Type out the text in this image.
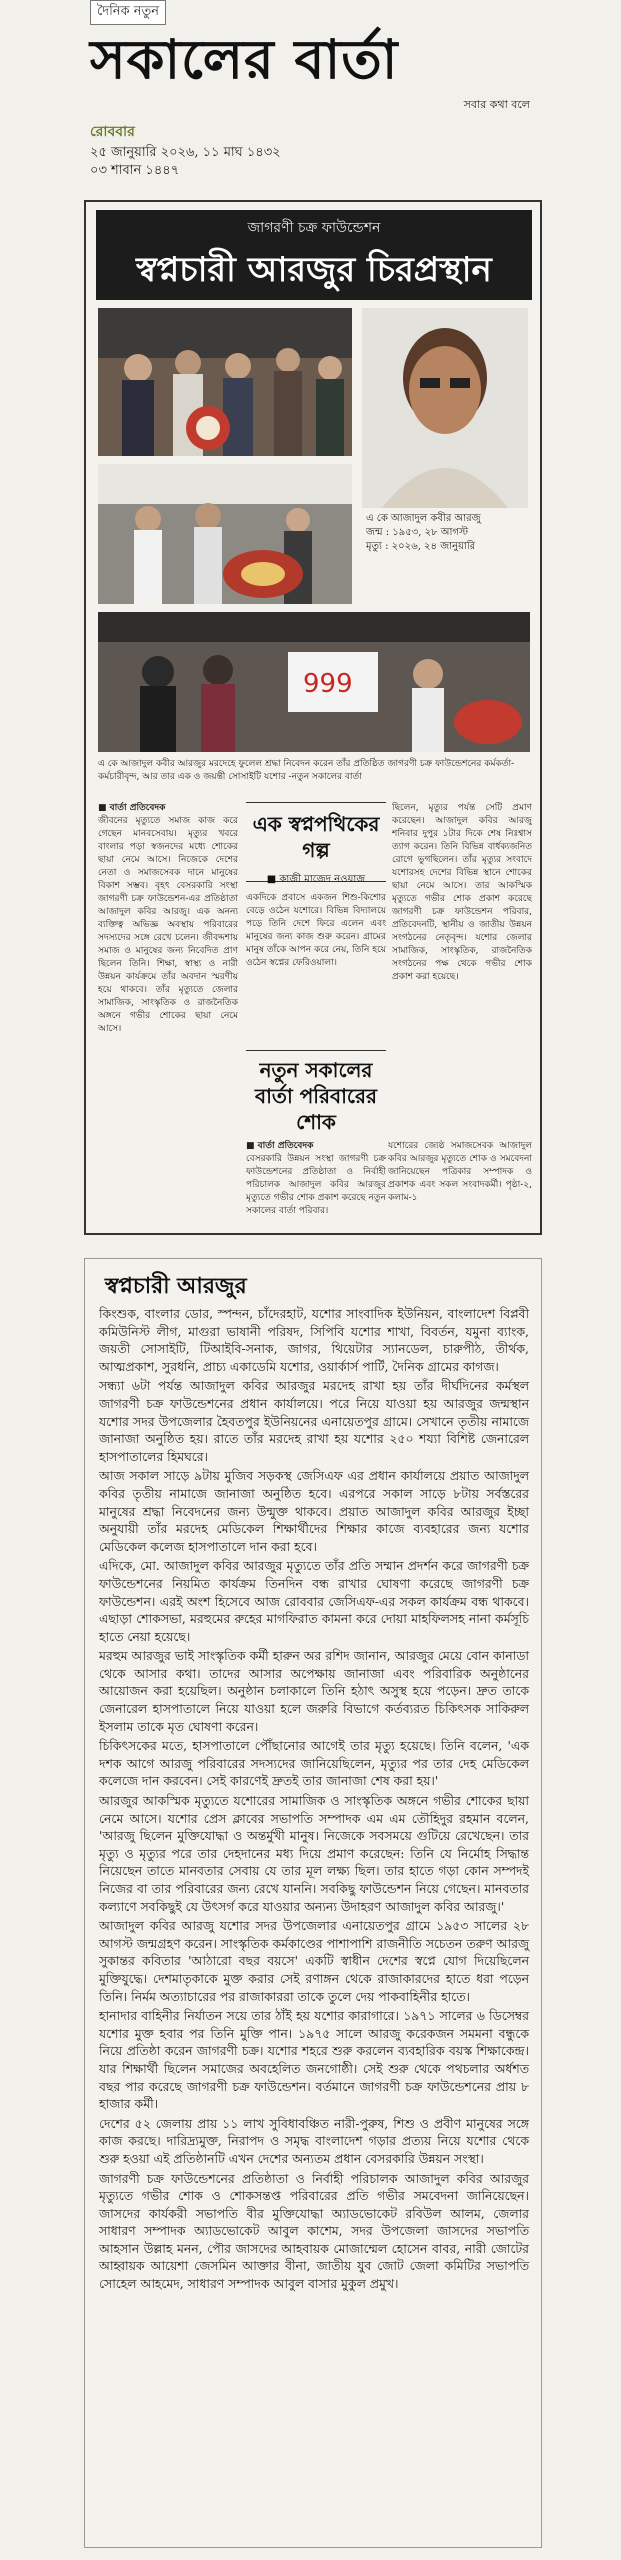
দৈনিক নতুন
সকালের বার্তা
সবার কথা বলে
রোববার
২৫ জানুয়ারি ২০২৬, ১১ মাঘ ১৪৩২
০৩ শাবান ১৪৪৭
জাগরণী চক্র ফাউন্ডেশন
স্বপ্নচারী আরজুর চিরপ্রস্থান
এ কে আজাদুল কবীর আরজু
জন্ম : ১৯৫৩, ২৮ আগস্ট
মৃত্যু : ২০২৬, ২৪ জানুয়ারি
999
এ কে আজাদুল কবীর আরজুর মরদেহে ফুলেল শ্রদ্ধা নিবেদন করেন তাঁর প্রতিষ্ঠিত জাগরণী চক্র ফাউন্ডেশনের কর্মকর্তা-কর্মচারীবৃন্দ, আর তার এক ও জয়ন্তী সোসাইটি যশোর -নতুন সকালের বার্তা
■ বার্তা প্রতিবেদক
জীবনের মৃত্যুতে সমাজ কাজ করে গেছেন মানবসেবায়। মৃত্যুর খবরে বাংলার পড়া স্বজনদের মধ্যে শোকের ছায়া নেমে আসে। নিজেকে দেশের নেতা ও সমাজসেবক দানে মানুষের বিকাশ সম্ভব। বৃহৎ বেসরকারি সংস্থা জাগরণী চক্র ফাউন্ডেশন-এর প্রতিষ্ঠাতা আজাদুল কবির আরজু। এক অনন্য ব্যক্তিত্ব অভিজ্ঞ অবস্থায় পরিবারের সদস্যদের সঙ্গে রেখে চলেন। জীবদ্দশায় সমাজ ও মানুষের জন্য নিবেদিত প্রাণ ছিলেন তিনি। শিক্ষা, স্বাস্থ্য ও নারী উন্নয়ন কার্যক্রমে তাঁর অবদান স্মরণীয় হয়ে থাকবে। তাঁর মৃত্যুতে জেলার সামাজিক, সাংস্কৃতিক ও রাজনৈতিক অঙ্গনে গভীর শোকের ছায়া নেমে আসে।
এক স্বপ্নপথিকের গল্প
■ কাজী মাজেদ নওয়াজ
একদিকে প্রবাসে একজন শিশু-কিশোর বেড়ে ওঠেন যশোরে। বিভিন্ন বিদ্যালয়ে পড়ে তিনি দেশে ফিরে এলেন এবং মানুষের জন্য কাজ শুরু করেন। গ্রামের মানুষ তাঁকে আপন করে নেয়, তিনি হয়ে ওঠেন স্বপ্নের ফেরিওয়ালা।
নতুন সকালের বার্তা পরিবারের শোক
ছিলেন, মৃত্যুর পর্যন্ত সেটি প্রমাণ করেছেন। আজাদুল কবির আরজু শনিবার দুপুর ১টার দিকে শেষ নিঃশ্বাস ত্যাগ করেন। তিনি বিভিন্ন বার্ধক্যজনিত রোগে ভুগছিলেন। তাঁর মৃত্যুর সংবাদে যশোরসহ দেশের বিভিন্ন স্থানে শোকের ছায়া নেমে আসে। তার আকস্মিক মৃত্যুতে গভীর শোক প্রকাশ করেছে জাগরণী চক্র ফাউন্ডেশন পরিবার, প্রতিবেদনটি, স্থানীয় ও জাতীয় উন্নয়ন সংগঠনের নেতৃবৃন্দ। যশোর জেলার সামাজিক, সাংস্কৃতিক, রাজনৈতিক সংগঠনের পক্ষ থেকে গভীর শোক প্রকাশ করা হয়েছে।
■ বার্তা প্রতিবেদক
বেসরকারি উন্নয়ন সংস্থা জাগরণী চক্র ফাউন্ডেশনের প্রতিষ্ঠাতা ও নির্বাহী পরিচালক আজাদুল কবির আরজুর মৃত্যুতে গভীর শোক প্রকাশ করেছে নতুন সকালের বার্তা পরিবার।
যশোরের জ্যেষ্ঠ সমাজসেবক আজাদুল কবির আরজুর মৃত্যুতে শোক ও সমবেদনা জানিয়েছেন পত্রিকার সম্পাদক ও প্রকাশক এবং সকল সংবাদকর্মী। পৃষ্ঠা-২, কলাম-১
স্বপ্নচারী আরজুর

কিংশুক, বাংলার ডোর, স্পন্দন, চাঁদেরহাট, যশোর সাংবাদিক ইউনিয়ন, বাংলাদেশ বিপ্লবী কমিউনিস্ট লীগ, মাগুরা ভাষানী পরিষদ, সিপিবি যশোর শাখা, বিবর্তন, যমুনা ব্যাংক, জয়তী সোসাইটি, টিআইবি-সনাক, জাগর, থিয়েটার স্যানডেল, চারুপীঠ, তীর্থক, আত্মপ্রকাশ, সুরধনি, প্রাচ্য একাডেমি যশোর, ওয়ার্কার্স পার্টি, দৈনিক গ্রামের কাগজ।

সন্ধ্যা ৬টা পর্যন্ত আজাদুল কবির আরজুর মরদেহ রাখা হয় তাঁর দীর্ঘদিনের কর্মস্থল জাগরণী চক্র ফাউন্ডেশনের প্রধান কার্যালয়ে। পরে নিয়ে যাওয়া হয় আরজুর জন্মস্থান যশোর সদর উপজেলার হৈবতপুর ইউনিয়নের এনায়েতপুর গ্রামে। সেখানে তৃতীয় নামাজে জানাজা অনুষ্ঠিত হয়। রাতে তাঁর মরদেহ রাখা হয় যশোর ২৫০ শয্যা বিশিষ্ট জেনারেল হাসপাতালের হিমঘরে।

আজ সকাল সাড়ে ৯টায় মুজিব সড়কস্থ জেসিএফ এর প্রধান কার্যালয়ে প্রয়াত আজাদুল কবির তৃতীয় নামাজে জানাজা অনুষ্ঠিত হবে। এরপরে সকাল সাড়ে ৮টায় সর্বস্তরের মানুষের শ্রদ্ধা নিবেদনের জন্য উন্মুক্ত থাকবে। প্রয়াত আজাদুল কবির আরজুর ইচ্ছা অনুযায়ী তাঁর মরদেহ মেডিকেল শিক্ষার্থীদের শিক্ষার কাজে ব্যবহারের জন্য যশোর মেডিকেল কলেজ হাসপাতালে দান করা হবে।

এদিকে, মো. আজাদুল কবির আরজুর মৃত্যুতে তাঁর প্রতি সম্মান প্রদর্শন করে জাগরণী চক্র ফাউন্ডেশনের নিয়মিত কার্যক্রম তিনদিন বন্ধ রাখার ঘোষণা করেছে জাগরণী চক্র ফাউন্ডেশন। এরই অংশ হিসেবে আজ রোববার জেসিএফ-এর সকল কার্যক্রম বন্ধ থাকবে। এছাড়া শোকসভা, মরহুমের রুহের মাগফিরাত কামনা করে দোয়া মাহফিলসহ নানা কর্মসূচি হাতে নেয়া হয়েছে।

মরহুম আরজুর ভাই সাংস্কৃতিক কর্মী হারুন অর রশিদ জানান, আরজুর মেয়ে বোন কানাডা থেকে আসার কথা। তাদের আসার অপেক্ষায় জানাজা এবং পরিবারিক অনুষ্ঠানের আয়োজন করা হয়েছিল। অনুষ্ঠান চলাকালে তিনি হঠাৎ অসুস্থ হয়ে পড়েন। দ্রুত তাকে জেনারেল হাসপাতালে নিয়ে যাওয়া হলে জরুরি বিভাগে কর্তব্যরত চিকিৎসক সাকিরুল ইসলাম তাকে মৃত ঘোষণা করেন।

চিকিৎসকের মতে, হাসপাতালে পৌঁছানোর আগেই তার মৃত্যু হয়েছে। তিনি বলেন, 'এক দশক আগে আরজু পরিবারের সদস্যদের জানিয়েছিলেন, মৃত্যুর পর তার দেহ মেডিকেল কলেজে দান করবেন। সেই কারণেই দ্রুতই তার জানাজা শেষ করা হয়।'

আরজুর আকস্মিক মৃত্যুতে যশোরের সামাজিক ও সাংস্কৃতিক অঙ্গনে গভীর শোকের ছায়া নেমে আসে। যশোর প্রেস ক্লাবের সভাপতি সম্পাদক এম এম তৌহিদুর রহমান বলেন, 'আরজু ছিলেন মুক্তিযোদ্ধা ও অন্তর্মুখী মানুষ। নিজেকে সবসময়ে গুটিয়ে রেখেছেন। তার মৃত্যু ও মৃত্যুর পরে তার দেহদানের মধ্য দিয়ে প্রমাণ করেছেন: তিনি যে নির্মোহ সিদ্ধান্ত নিয়েছেন তাতে মানবতার সেবায় যে তার মূল লক্ষ্য ছিল। তার হাতে গড়া কোন সম্পদই নিজের বা তার পরিবারের জন্য রেখে যাননি। সবকিছু ফাউন্ডেশন নিয়ে গেছেন। মানবতার কল্যাণে সবকিছুই যে উৎসর্গ করে যাওয়ার অন্যন্য উদাহরণ আজাদুল কবির আরজু।'

আজাদুল কবির আরজু যশোর সদর উপজেলার এনায়েতপুর গ্রামে ১৯৫৩ সালের ২৮ আগস্ট জন্মগ্রহণ করেন। সাংস্কৃতিক কর্মকাণ্ডের পাশাপাশি রাজনীতি সচেতন তরুণ আরজু সুকান্তর কবিতার 'আঠারো বছর বয়সে' একটি স্বাধীন দেশের স্বপ্নে যোগ দিয়েছিলেন মুক্তিযুদ্ধে। দেশমাতৃকাকে মুক্ত করার সেই রণাঙ্গন থেকে রাজাকারদের হাতে ধরা পড়েন তিনি। নির্মম অত্যাচারের পর রাজাকাররা তাকে তুলে দেয় পাকবাহিনীর হাতে।

হানাদার বাহিনীর নির্যাতন সয়ে তার ঠাঁই হয় যশোর কারাগারে। ১৯৭১ সালের ৬ ডিসেম্বর যশোর মুক্ত হবার পর তিনি মুক্তি পান। ১৯৭৫ সালে আরজু করেকজন সমমনা বন্ধুকে নিয়ে প্রতিষ্ঠা করেন জাগরণী চক্র। যশোর শহরে শুরু করলেন ব্যবহারিক বয়স্ক শিক্ষাকেন্দ্র। যার শিক্ষার্থী ছিলেন সমাজের অবহেলিত জনগোষ্ঠী। সেই শুরু থেকে পথচলার অর্ধশত বছর পার করেছে জাগরণী চক্র ফাউন্ডেশন। বর্তমানে জাগরণী চক্র ফাউন্ডেশনের প্রায় ৮ হাজার কর্মী।

দেশের ৫২ জেলায় প্রায় ১১ লাখ সুবিধাবঞ্চিত নারী-পুরুষ, শিশু ও প্রবীণ মানুষের সঙ্গে কাজ করছে। দারিদ্র্যমুক্ত, নিরাপদ ও সমৃদ্ধ বাংলাদেশ গড়ার প্রত্যয় নিয়ে যশোর থেকে শুরু হওয়া এই প্রতিষ্ঠানটি এখন দেশের অন্যতম প্রধান বেসরকারি উন্নয়ন সংস্থা।

জাগরণী চক্র ফাউন্ডেশনের প্রতিষ্ঠাতা ও নির্বাহী পরিচালক আজাদুল কবির আরজুর মৃত্যুতে গভীর শোক ও শোকসন্তপ্ত পরিবারের প্রতি গভীর সমবেদনা জানিয়েছেন। জাসদের কার্যকরী সভাপতি বীর মুক্তিযোদ্ধা অ্যাডভোকেট রবিউল আলম, জেলার সাধারণ সম্পাদক অ্যাডভোকেট আবুল কাশেম, সদর উপজেলা জাসদের সভাপতি আহসান উল্লাহ মনন, পৌর জাসদের আহবায়ক মোজাম্মেল হোসেন বাবর, নারী জোটের আহ্বায়ক আয়েশা জেসমিন আক্তার বীনা, জাতীয় যুব জোট জেলা কমিটির সভাপতি সোহেল আহমেদ, সাধারণ সম্পাদক আবুল বাসার মুকুল প্রমুখ।
